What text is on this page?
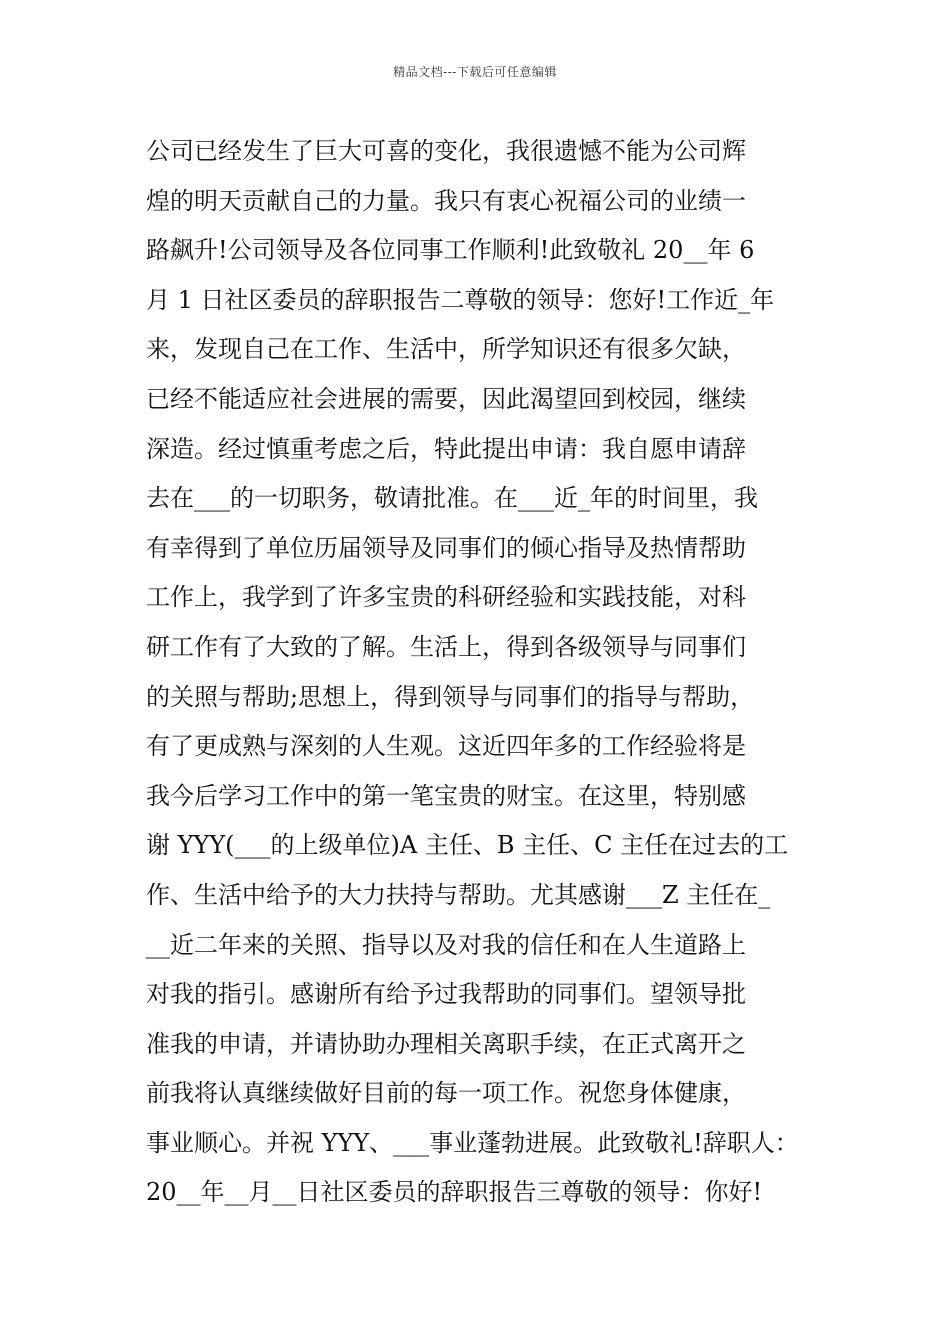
精品文档---下载后可任意编辑
公司已经发生了巨大可喜的变化，我很遗憾不能为公司辉
煌的明天贡献自己的力量。我只有衷心祝福公司的业绩一
路飙升!公司领导及各位同事工作顺利!此致敬礼 20__年 6
月 1 日社区委员的辞职报告二尊敬的领导：您好!工作近_年
来，发现自己在工作、生活中，所学知识还有很多欠缺，
已经不能适应社会进展的需要，因此渴望回到校园，继续
深造。经过慎重考虑之后，特此提出申请：我自愿申请辞
去在___的一切职务，敬请批准。在___近_年的时间里，我
有幸得到了单位历届领导及同事们的倾心指导及热情帮助
工作上，我学到了许多宝贵的科研经验和实践技能，对科
研工作有了大致的了解。生活上，得到各级领导与同事们
的关照与帮助;思想上，得到领导与同事们的指导与帮助，
有了更成熟与深刻的人生观。这近四年多的工作经验将是
我今后学习工作中的第一笔宝贵的财宝。在这里，特别感
谢 YYY(___的上级单位)A 主任、B 主任、C 主任在过去的工
作、生活中给予的大力扶持与帮助。尤其感谢___Z 主任在_
__近二年来的关照、指导以及对我的信任和在人生道路上
对我的指引。感谢所有给予过我帮助的同事们。望领导批
准我的申请，并请协助办理相关离职手续，在正式离开之
前我将认真继续做好目前的每一项工作。祝您身体健康，
事业顺心。并祝 YYY、___事业蓬勃进展。此致敬礼!辞职人：
20__年__月__日社区委员的辞职报告三尊敬的领导：你好!
